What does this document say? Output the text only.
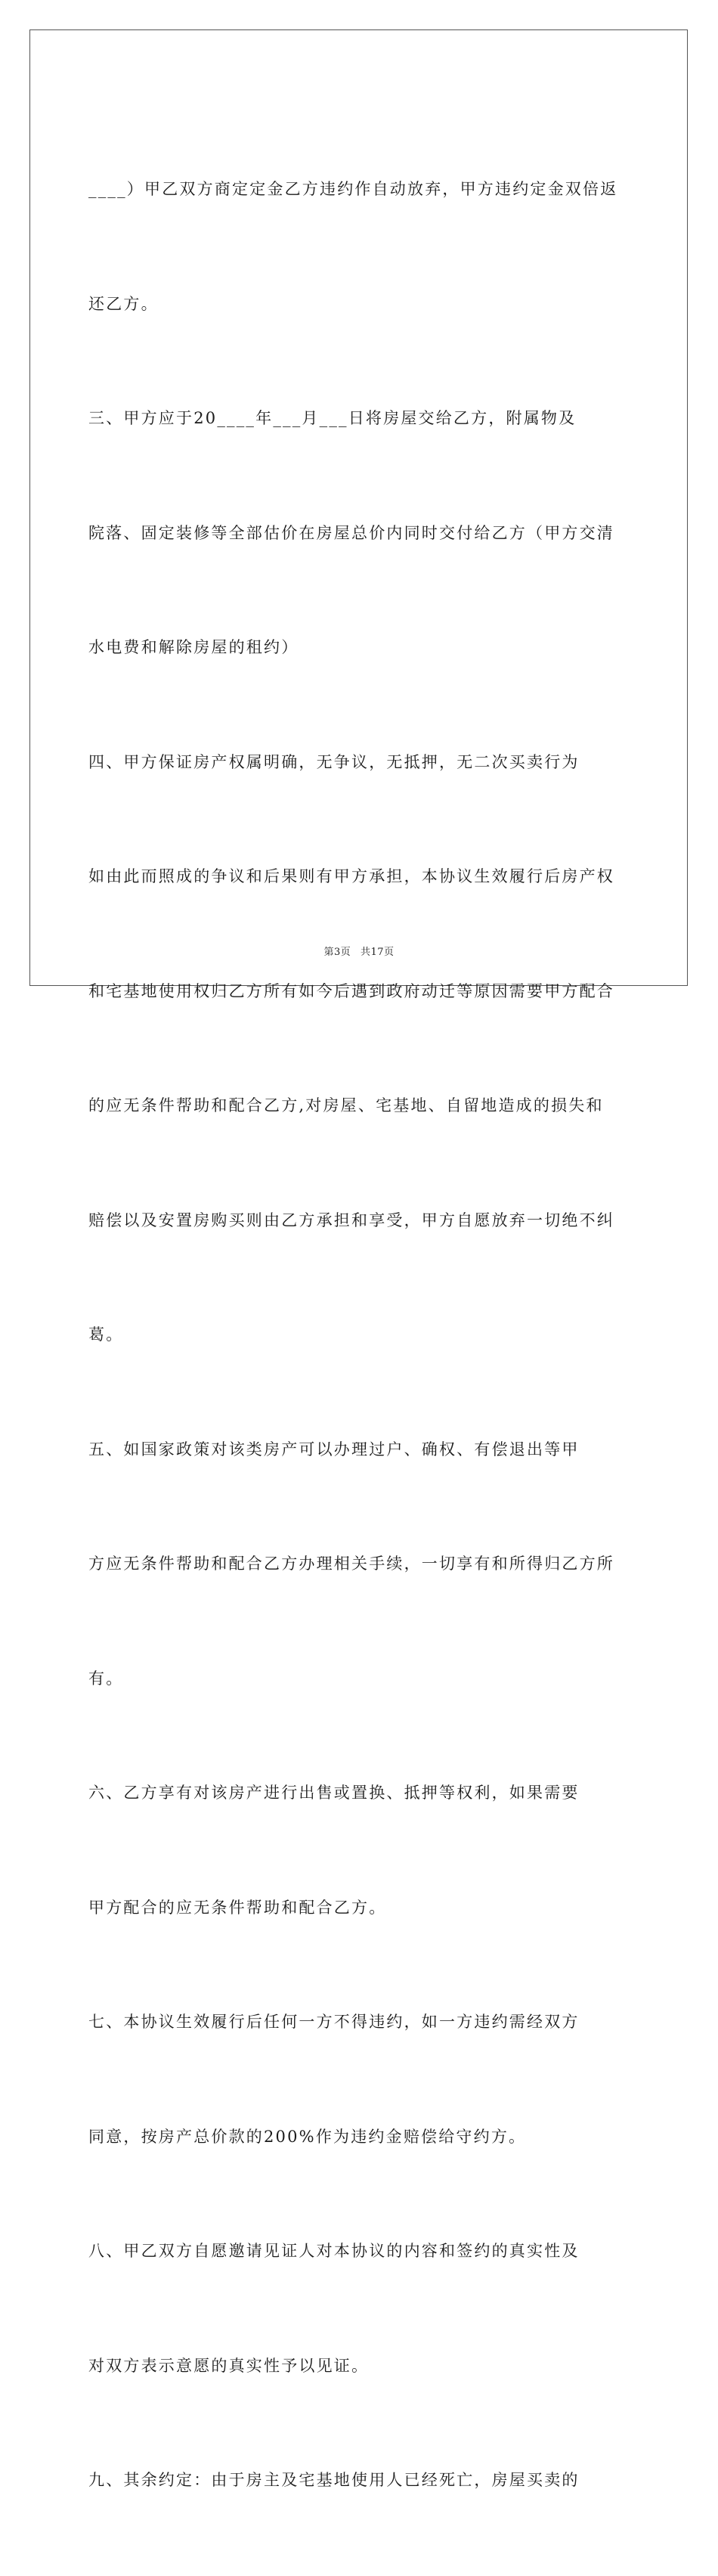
____）甲乙双方商定定金乙方违约作自动放弃，甲方违约定金双倍返

还乙方。

三、甲方应于20____年___月___日将房屋交给乙方，附属物及

院落、固定装修等全部估价在房屋总价内同时交付给乙方（甲方交清

水电费和解除房屋的租约）

四、甲方保证房产权属明确，无争议，无抵押，无二次买卖行为

如由此而照成的争议和后果则有甲方承担，本协议生效履行后房产权

和宅基地使用权归乙方所有如今后遇到政府动迁等原因需要甲方配合

的应无条件帮助和配合乙方,对房屋、宅基地、自留地造成的损失和

赔偿以及安置房购买则由乙方承担和享受，甲方自愿放弃一切绝不纠

葛。

五、如国家政策对该类房产可以办理过户、确权、有偿退出等甲

方应无条件帮助和配合乙方办理相关手续，一切享有和所得归乙方所

有。

六、乙方享有对该房产进行出售或置换、抵押等权利，如果需要

甲方配合的应无条件帮助和配合乙方。

七、本协议生效履行后任何一方不得违约，如一方违约需经双方

同意，按房产总价款的200%作为违约金赔偿给守约方。

八、甲乙双方自愿邀请见证人对本协议的内容和签约的真实性及

对双方表示意愿的真实性予以见证。

九、其余约定：由于房主及宅基地使用人已经死亡，房屋买卖的

第3页 共17页
